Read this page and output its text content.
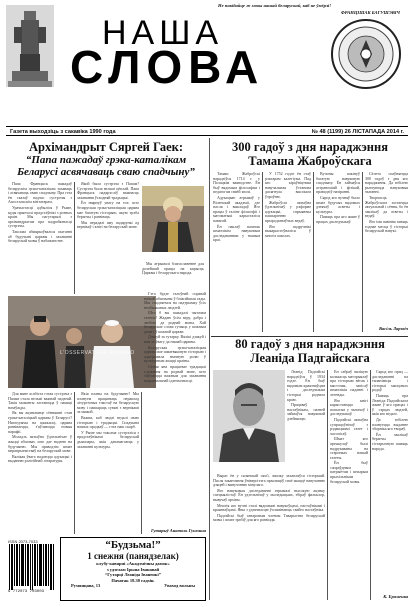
НАША
СЛОВА
Не пакідайце ж мовы нашай беларускай, каб не ўмёрлі!
ФРАНЦІШАК БАГУШЭВІЧ
Газета выходзіць з сакавіка 1990 года	№ 48 (1199) 26 ЛІСТАПАДА 2014 г.
Архімандрыт Сяргей Гаек:
“Папа пажадаў грэка-каталікам Беларусі асвячаваць сваю спадчыну”

Папа Францыск пажадаў беларускім грэка-каталікам захаваць і асвячаваць сваю спадчыну. Пра гэта ён сказаў падчас сустрэчы з Апостальскім візітатарам.

Урачыстасці адбыліся ў Рыме, куды прыехалі прадстаўнікі з розных краін. Мы пагутарылі з архімандрытам пра падрабязнасці сустрэчы.

Таксама абмяркоўваліся пытанні аб будучыні царквы і захаванні беларускай мовы ў набажэнстве.

Якой была сустрэча з Папам? Сустрэча была вельмі цёплай. Папа Францыск падкрэсліў важнасць захавання ўсходняй традыцыі.

Ён звярнуў увагу на тое, што беларуская грэка-каталіцкая царква мае багатую гісторыю, якую трэба берагчы і развіваць.

Мы перадалі яму падарункі ад вернікаў і кнігі на беларускай мове.

L'OSSERVATORE ROMANO

Мы атрымалі благаславенне для далейшай працы на карысць Царквы і беларускага народа.

Для мяне асабіста гэтая сустрэча з Папам стала вельмі важнай падзеяй. Такія моманты застаюцца ў памяці назаўжды.

Як вы ацэньваеце сённяшні стан грэка-каталіцкай царквы ў Беларусі? Нягледзячы на цяжкасці, царква развіваецца, з'яўляюцца новыя парафіі.

Моладзь актыўна ўдзельнічае ў жыцці абшчын, што дае надзею на будучыню. Мы праводзім шмат мерапрыемстваў на беларускай мове.

Вялікая ўвага надаецца адукацыі і выданню рэлігійнай літаратуры.

Якія планы на будучыню? Мы плануем працягваць пераклад літургічных тэкстаў на беларускую мову і пашыраць сувязі з вернікамі за мяжой.

Важна, каб людзі ведалі сваю гісторыю і традыцыі. Спадчына нашых продкаў — гэта наш скарб.

У Рыме мы таксама сустрэліся з прадстаўнікамі беларускай дыяспары, якія дапамагаюць у захаванні культуры.

Гэта будзе галоўнай справай нашай абшчыны ў бліжэйшыя гады. Мы спадзяемся на падтрымку ўсіх неабыякавых людзей.

Што б вы пажадалі чытачам газеты? Жадаю ўсім міру, дабра і любові да роднай мовы. Хай беларускае слова гучыць у кожным доме і ў кожнай царкве.

Дзякуй за гутарку. Вялікі дзякуй і вам за ўвагу да нашай царквы.

Беларуская грэка-каталіцкая царква мае шматвяковую гісторыю і адыгрывала значную ролю ў культурным жыцці краіны.

Сёння яна працягвае традыцыі служэння на роднай мове, што з'яўляецца важным для захавання нацыянальнай ідэнтычнасці.

Гутарыў Анатоль Гушэнна
300 гадоў з дня нараджэння Тамаша Жабро́ўскага

Тамаш Жабро́ўскі нарадзіўся 1714 г. у Полацкім ваяводстве. Ён быў вядомым філосафам і педагогам сваёй эпохі.

Адукацыю атрымаў у Віленскай акадэміі, дзе пасля і выкладаў. Яго працы ў галіне філасофіі і матэматыкі карысталіся павагай.

Ён паклаў пачатак шматлікім навуковым даследаванням у нашым краі.

У 1752 годзе ён стаў рэктарам калегіума. Пад яго кіраўніцтвам навучальная ўстанова дасягнула высокага ўзроўню.

Жабро́ўскі актыўна ўдзельнічаў у рэформе адукацыі, спрыяючы пашырэнню прыродазнаўчых ведаў.

Яго падручнікі выкарыстоўваліся ў многіх школах.

Вучоны пакінуў багатую навуковую спадчыну. Ён займаўся астраноміяй і фізікай, праводзіў назіранні.

Сярод яго вучняў было шмат будучых вядомых дзеячаў асветы і культуры.

Памяць пра яго жыве ў працах даследчыкаў.

Сёлета спаўняецца 300 гадоў з дня яго нараджэння. Да юбілею рыхтуюцца навуковыя чытанні.

Творчасць Жабро́ўскага застаецца актуальнай і сёння, бо ён заклікаў да асветы і ведаў.

Яго імя павінна заняць годнае месца ў гісторыі беларускай навукі.

Васіль Ларэвіч
80 гадоў з дня нараджэння Леаніда Падгайскага

Леанід Падгайскі нарадзіўся ў 1934 годзе. Ён быў вядомым краязнаўцам і даследчыкам гісторыі роднага краю.

Працаваў настаўнікам, пазней займаўся навуковай дзейнасцю.

Ён сабраў вялікую колькасць матэрыялаў пра гісторыю вёсак і мястэчак, запісаў шматлікія паданні і легенды.

Яго кнігі карыстаюцца попытам у чытачоў і даследчыкаў.

Падгайскі актыўна супрацоўнічаў з рэдакцыямі газет і часопісаў.

Шмат яго артыкулаў былі надрукаваны на старонках нашай газеты.

Ён быў сапраўдным патрыётам і шчырым прыхільнікам беларускай мовы.

Сярод яго прац — даследаванні па тапаніміцы і гісторыі мясцовых родаў.

Памяць пра Леаніда Падгайскага жыве ў яго працах і ў сэрцах людзей, якія яго ведалі.

Да юбілею плануецца выданне зборніка яго твораў.

Ён заклікаў берагчы гістарычную памяць народа.

К. Ераменка

Вырас ён у сялянскай сям'і, змалку захапляўся гісторыяй. Пасля заканчэння ўніверсітэта прысвяціў сваё жыццё навучанню дзяцей і вывучэнню мінулага.

Яго навуковыя даследаванні атрымалі высокую ацэнку спецыялістаў. Ён удзельнічаў у экспедыцыях, збіраў фальклор, вывучаў архівы.

Многія яго вучні сталі вядомымі навукоўцамі, настаўнікамі і краязнаўцамі. Яны з удзячнасцю ўспамінаюць свайго настаўніка.

Падгайскі быў ганаровым членам Таварыства беларускай мовы і шмат зрабіў для яго развіцця.

ISSN 2073-7033
9 772073 703003
“Будзьма!”
1 снежня (панядзелак)
клубу-кавярні «Акадэмічны дамок»
з удзелам Ірына Іванавай
“Гутарці Леаніда Іваненкі”
Пачатак 18.30 гадзін.
Румянцава, 13	Уваход вольны
